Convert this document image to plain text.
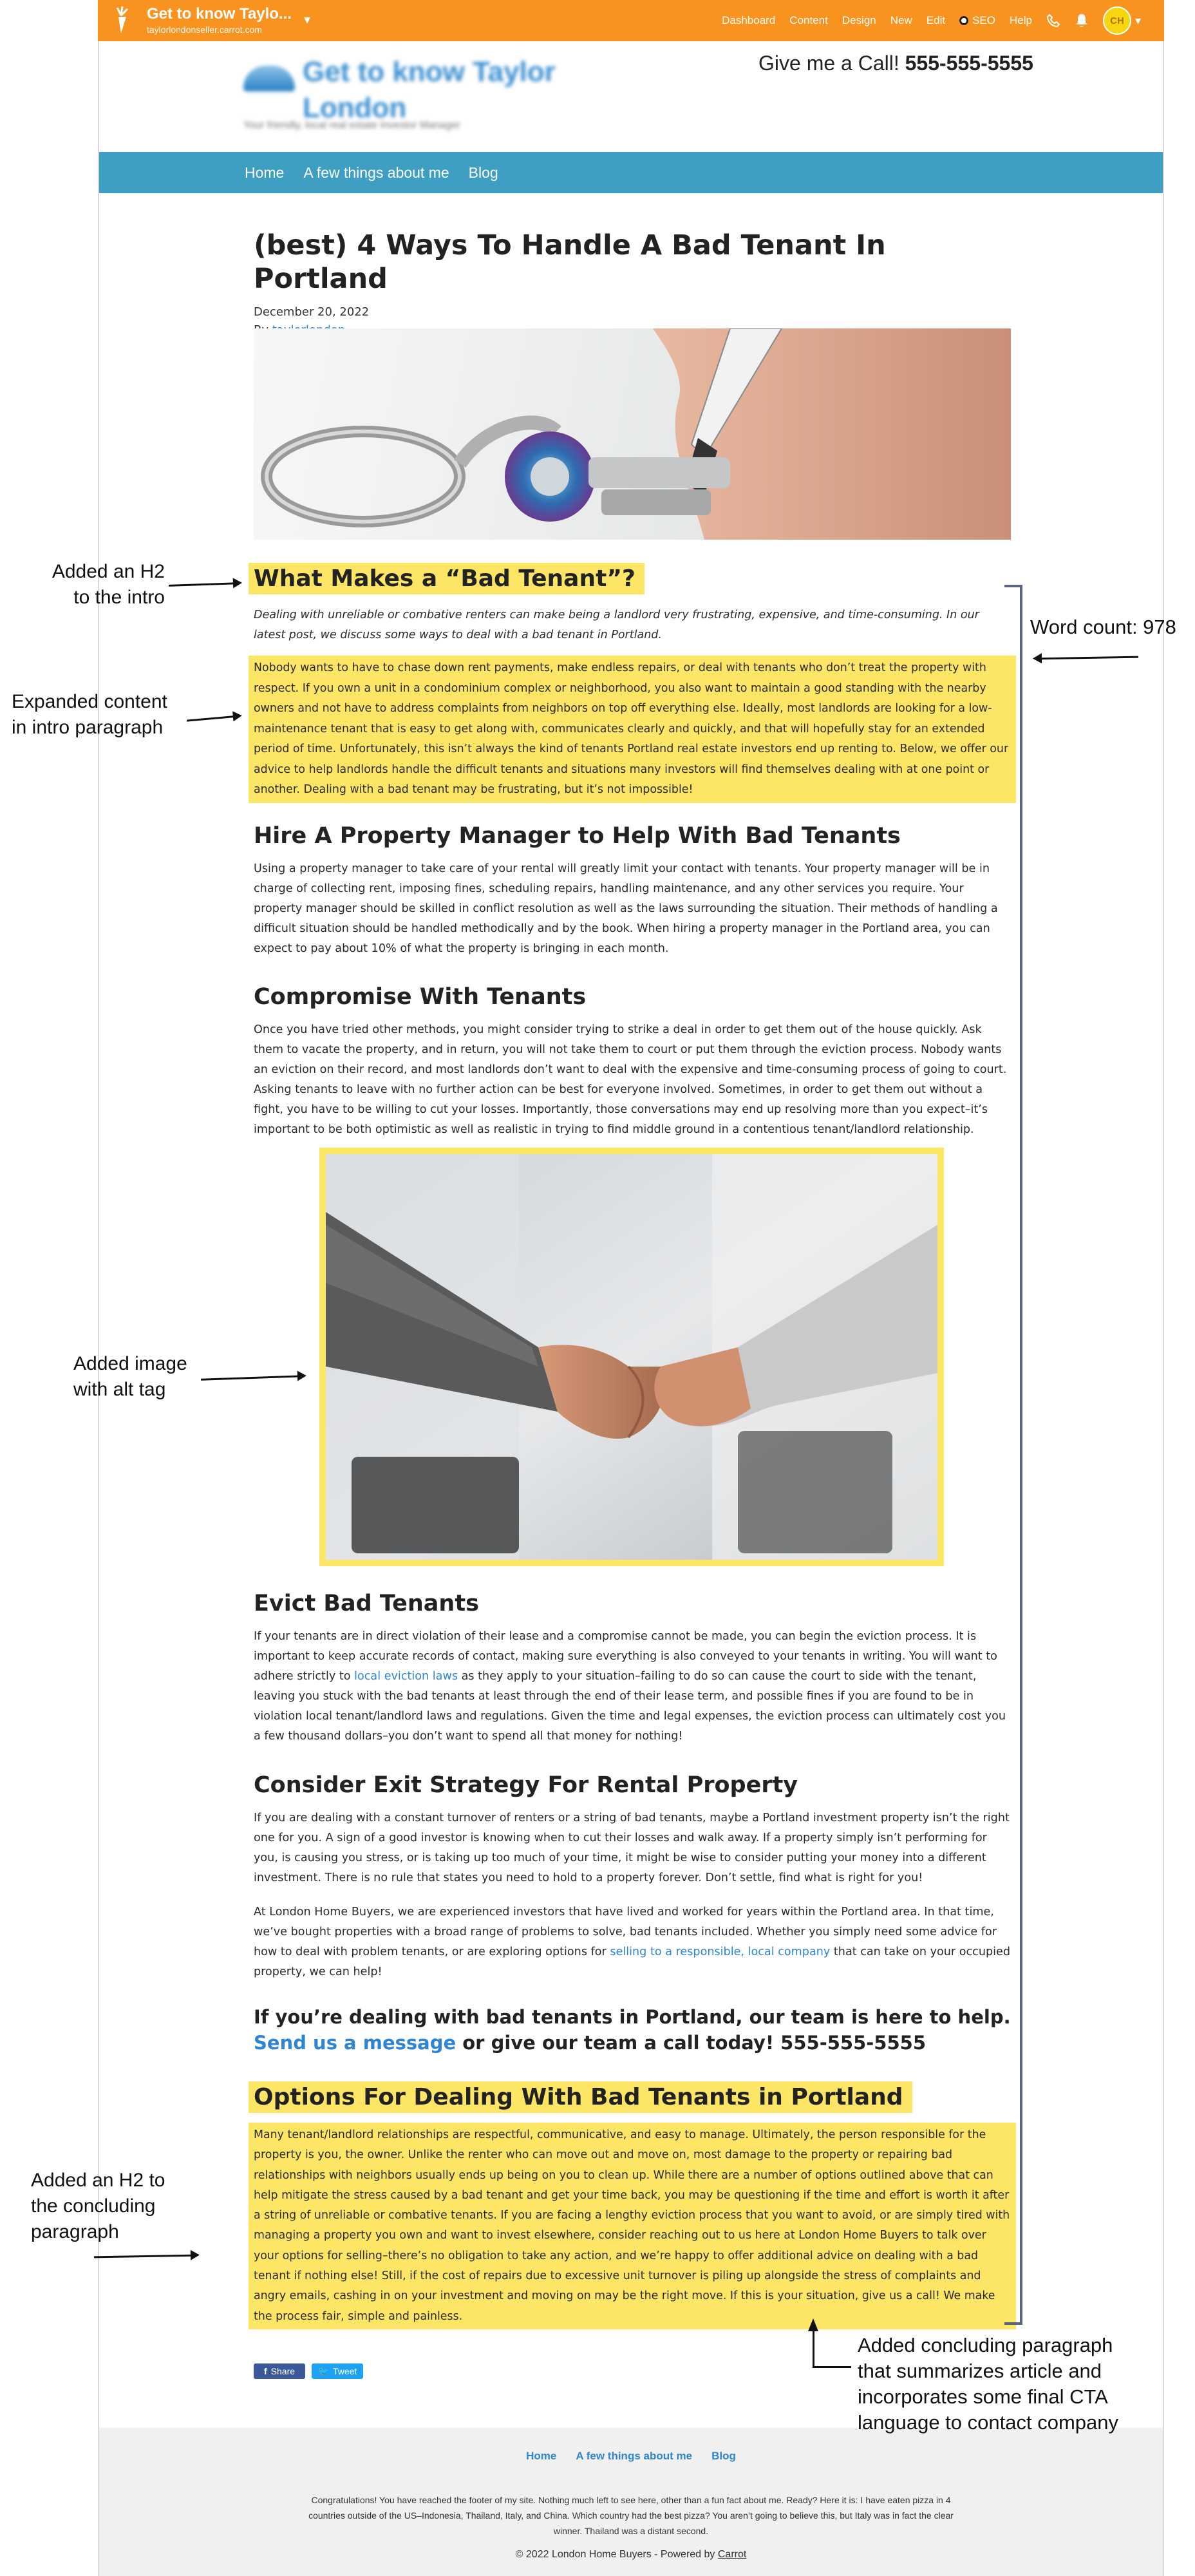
Get to know Taylo...
taylorlondonseller.carrot.com
▾	Dashboard Content Design New Edit	SEO Help	CH ▾
Get to know Taylor London
Your friendly, local real estate Investor Manager
Give me a Call! 555-555-5555
Home A few things about me Blog
(best) 4 Ways To Handle A Bad Tenant In Portland
December 20, 2022
What Makes a “Bad Tenant”?
Dealing with unreliable or combative renters can make being a landlord very frustrating, expensive, and time-consuming. In our latest post, we discuss some ways to deal with a bad tenant in Portland.
Nobody wants to have to chase down rent payments, make endless repairs, or deal with tenants who don’t treat the property with respect. If you own a unit in a condominium complex or neighborhood, you also want to maintain a good standing with the nearby owners and not have to address complaints from neighbors on top off everything else. Ideally, most landlords are looking for a low-maintenance tenant that is easy to get along with, communicates clearly and quickly, and that will hopefully stay for an extended period of time. Unfortunately, this isn’t always the kind of tenants Portland real estate investors end up renting to. Below, we offer our advice to help landlords handle the difficult tenants and situations many investors will find themselves dealing with at one point or another. Dealing with a bad tenant may be frustrating, but it’s not impossible!
Hire A Property Manager to Help With Bad Tenants
Using a property manager to take care of your rental will greatly limit your contact with tenants. Your property manager will be in charge of collecting rent, imposing fines, scheduling repairs, handling maintenance, and any other services you require. Your property manager should be skilled in conflict resolution as well as the laws surrounding the situation. Their methods of handling a difficult situation should be handled methodically and by the book. When hiring a property manager in the Portland area, you can expect to pay about 10% of what the property is bringing in each month.
Compromise With Tenants
Once you have tried other methods, you might consider trying to strike a deal in order to get them out of the house quickly. Ask them to vacate the property, and in return, you will not take them to court or put them through the eviction process. Nobody wants an eviction on their record, and most landlords don’t want to deal with the expensive and time-consuming process of going to court. Asking tenants to leave with no further action can be best for everyone involved. Sometimes, in order to get them out without a fight, you have to be willing to cut your losses. Importantly, those conversations may end up resolving more than you expect–it’s important to be both optimistic as well as realistic in trying to find middle ground in a contentious tenant/landlord relationship.
Evict Bad Tenants
If your tenants are in direct violation of their lease and a compromise cannot be made, you can begin the eviction process. It is important to keep accurate records of contact, making sure everything is also conveyed to your tenants in writing. You will want to adhere strictly to local eviction laws as they apply to your situation–failing to do so can cause the court to side with the tenant, leaving you stuck with the bad tenants at least through the end of their lease term, and possible fines if you are found to be in violation local tenant/landlord laws and regulations. Given the time and legal expenses, the eviction process can ultimately cost you a few thousand dollars–you don’t want to spend all that money for nothing!
Consider Exit Strategy For Rental Property
If you are dealing with a constant turnover of renters or a string of bad tenants, maybe a Portland investment property isn’t the right one for you. A sign of a good investor is knowing when to cut their losses and walk away. If a property simply isn’t performing for you, is causing you stress, or is taking up too much of your time, it might be wise to consider putting your money into a different investment. There is no rule that states you need to hold to a property forever. Don’t settle, find what is right for you!
At London Home Buyers, we are experienced investors that have lived and worked for years within the Portland area. In that time, we’ve bought properties with a broad range of problems to solve, bad tenants included. Whether you simply need some advice for how to deal with problem tenants, or are exploring options for selling to a responsible, local company that can take on your occupied property, we can help!
If you’re dealing with bad tenants in Portland, our team is here to help. Send us a message or give our team a call today! 555-555-5555
Options For Dealing With Bad Tenants in Portland
Many tenant/landlord relationships are respectful, communicative, and easy to manage. Ultimately, the person responsible for the property is you, the owner. Unlike the renter who can move out and move on, most damage to the property or repairing bad relationships with neighbors usually ends up being on you to clean up. While there are a number of options outlined above that can help mitigate the stress caused by a bad tenant and get your time back, you may be questioning if the time and effort is worth it after a string of unreliable or combative tenants. If you are facing a lengthy eviction process that you want to avoid, or are simply tired with managing a property you own and want to invest elsewhere, consider reaching out to us here at London Home Buyers to talk over your options for selling–there’s no obligation to take any action, and we’re happy to offer additional advice on dealing with a bad tenant if nothing else! Still, if the cost of repairs due to excessive unit turnover is piling up alongside the stress of complaints and angry emails, cashing in on your investment and moving on may be the right move. If this is your situation, give us a call! We make the process fair, simple and painless.
f Share	🐦 Tweet
Home A few things about me Blog
Congratulations! You have reached the footer of my site. Nothing much left to see here, other than a fun fact about me. Ready? Here it is: I have eaten pizza in 4 countries outside of the US–Indonesia, Thailand, Italy, and China. Which country had the best pizza? You aren’t going to believe this, but Italy was in fact the clear winner. Thailand was a distant second.
© 2022 London Home Buyers - Powered by Carrot
Added an H2
to the intro
Expanded content
in intro paragraph
Added image
with alt tag
Added an H2 to
the concluding
paragraph
Word count: 978
Added concluding paragraph
that summarizes article and
incorporates some final CTA
language to contact company
